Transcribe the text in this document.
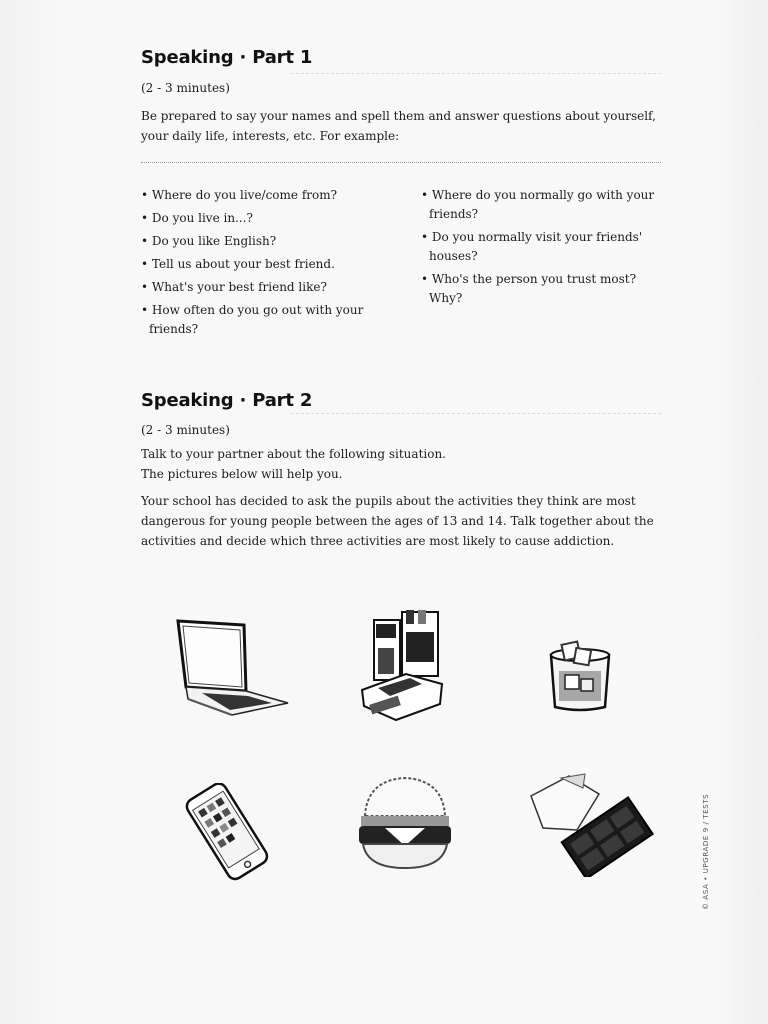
Speaking · Part 1
(2 - 3 minutes)

Be prepared to say your names and spell them and answer questions about yourself, your daily life, interests, etc. For example:

• Where do you live/come from?
• Do you live in...?
• Do you like English?
• Tell us about your best friend.
• What's your best friend like?
• How often do you go out with your friends?
• Where do you normally go with your friends?
• Do you normally visit your friends' houses?
• Who's the person you trust most? Why?
Speaking · Part 2
(2 - 3 minutes)

Talk to your partner about the following situation.

The pictures below will help you.

Your school has decided to ask the pupils about the activities they think are most dangerous for young people between the ages of 13 and 14. Talk together about the activities and decide which three activities are most likely to cause addiction.

© ASA • UPGRADE 9 / TESTS
